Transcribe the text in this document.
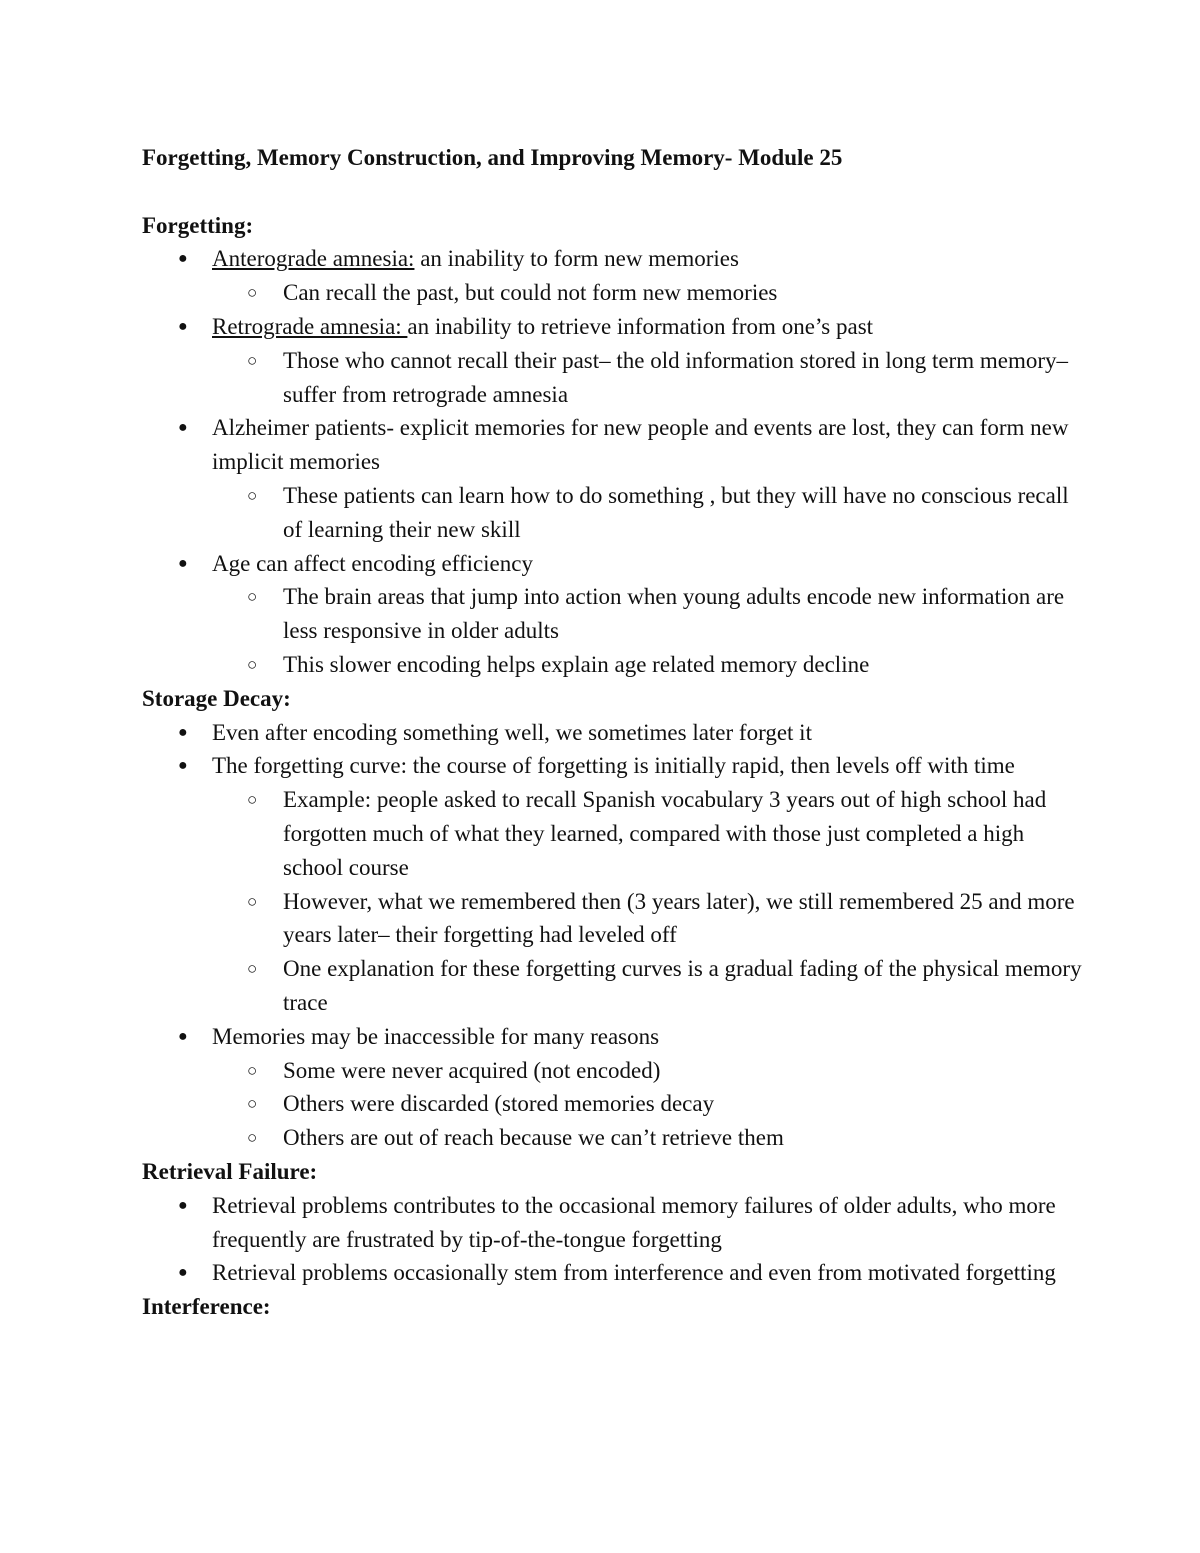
Forgetting, Memory Construction, and Improving Memory- Module 25
Forgetting:
● Anterograde amnesia: an inability to form new memories
○ Can recall the past, but could not form new memories
● Retrograde amnesia: an inability to retrieve information from one’s past
○ Those who cannot recall their past– the old information stored in long term memory– suffer from retrograde amnesia
● Alzheimer patients- explicit memories for new people and events are lost, they can form new implicit memories
○ These patients can learn how to do something , but they will have no conscious recall of learning their new skill
● Age can affect encoding efficiency
○ The brain areas that jump into action when young adults encode new information are less responsive in older adults
○ This slower encoding helps explain age related memory decline
Storage Decay:
● Even after encoding something well, we sometimes later forget it
● The forgetting curve: the course of forgetting is initially rapid, then levels off with time
○ Example: people asked to recall Spanish vocabulary 3 years out of high school had forgotten much of what they learned, compared with those just completed a high school course
○ However, what we remembered then (3 years later), we still remembered 25 and more years later– their forgetting had leveled off
○ One explanation for these forgetting curves is a gradual fading of the physical memory trace
● Memories may be inaccessible for many reasons
○ Some were never acquired (not encoded)
○ Others were discarded (stored memories decay
○ Others are out of reach because we can’t retrieve them
Retrieval Failure:
● Retrieval problems contributes to the occasional memory failures of older adults, who more frequently are frustrated by tip-of-the-tongue forgetting
● Retrieval problems occasionally stem from interference and even from motivated forgetting
Interference:
